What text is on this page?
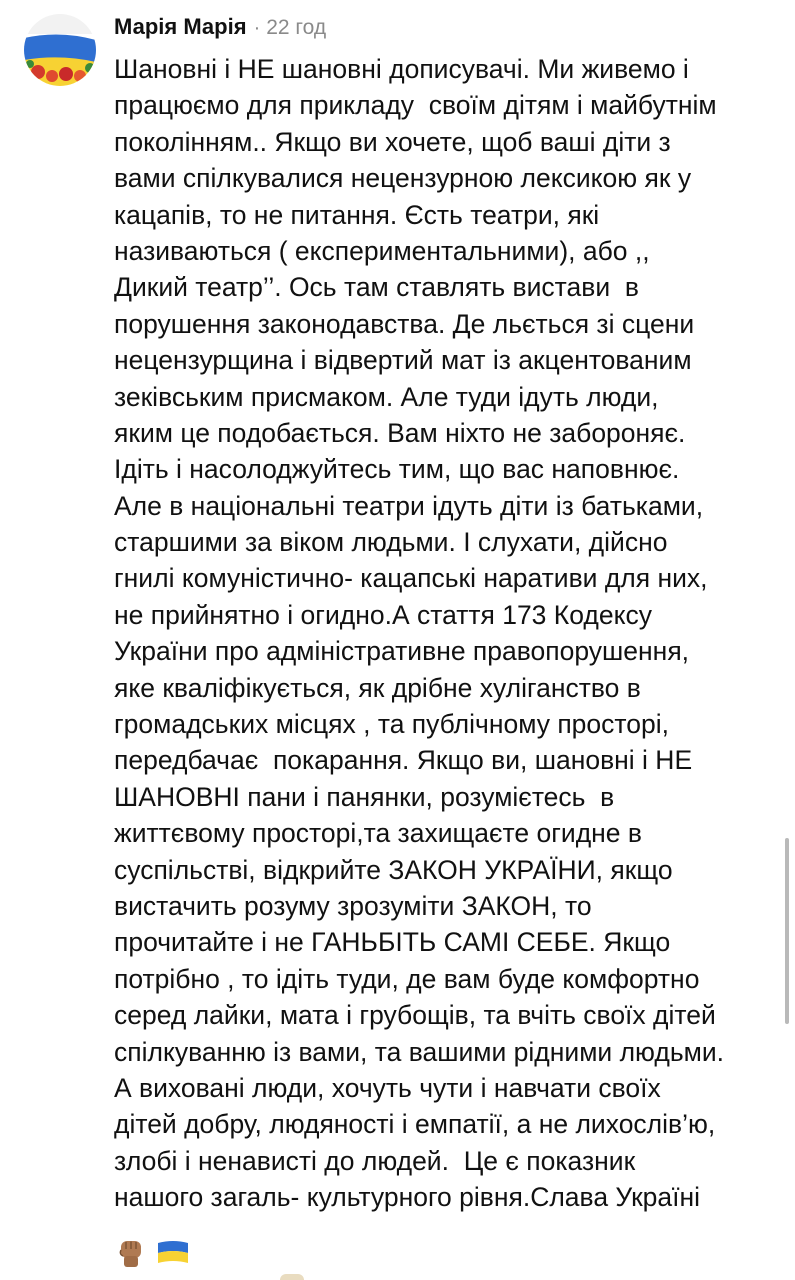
Марія Марія · 22 год
Шановні і НЕ шановні дописувачі. Ми живемо і
працюємо для прикладу  своїм дітям і майбутнім
поколінням.. Якщо ви хочете, щоб ваші діти з
вами спілкувалися нецензурною лексикою як у
кацапів, то не питання. Єсть театри, які
називаються ( експериментальними), або ,,
Дикий театр’’. Ось там ставлять вистави  в
порушення законодавства. Де льється зі сцени
нецензурщина і відвертий мат із акцентованим
зеківським присмаком. Але туди ідуть люди,
яким це подобається. Вам ніхто не забороняє.
Ідіть і насолоджуйтесь тим, що вас наповнює.
Але в національні театри ідуть діти із батьками,
старшими за віком людьми. І слухати, дійсно
гнилі комуністично- кацапські наративи для них,
не прийнятно і огидно.А стаття 173 Кодексу
України про адміністративне правопорушення,
яке кваліфікується, як дрібне хуліганство в
громадських місцях , та публічному просторі,
передбачає  покарання. Якщо ви, шановні і НЕ
ШАНОВНІ пани і панянки, розумієтесь  в
життєвому просторі,та захищаєте огидне в
суспільстві, відкрийте ЗАКОН УКРАЇНИ, якщо
вистачить розуму зрозуміти ЗАКОН, то
прочитайте і не ГАНЬБІТЬ САМІ СЕБЕ. Якщо
потрібно , то ідіть туди, де вам буде комфортно
серед лайки, мата і грубощів, та вчіть своїх дітей
спілкуванню із вами, та вашими рідними людьми.
А виховані люди, хочуть чути і навчати своїх
дітей добру, людяності і емпатії, а не лихослів’ю,
злобі і ненависті до людей.  Це є показник
нашого загаль- культурного рівня.Слава Україні
